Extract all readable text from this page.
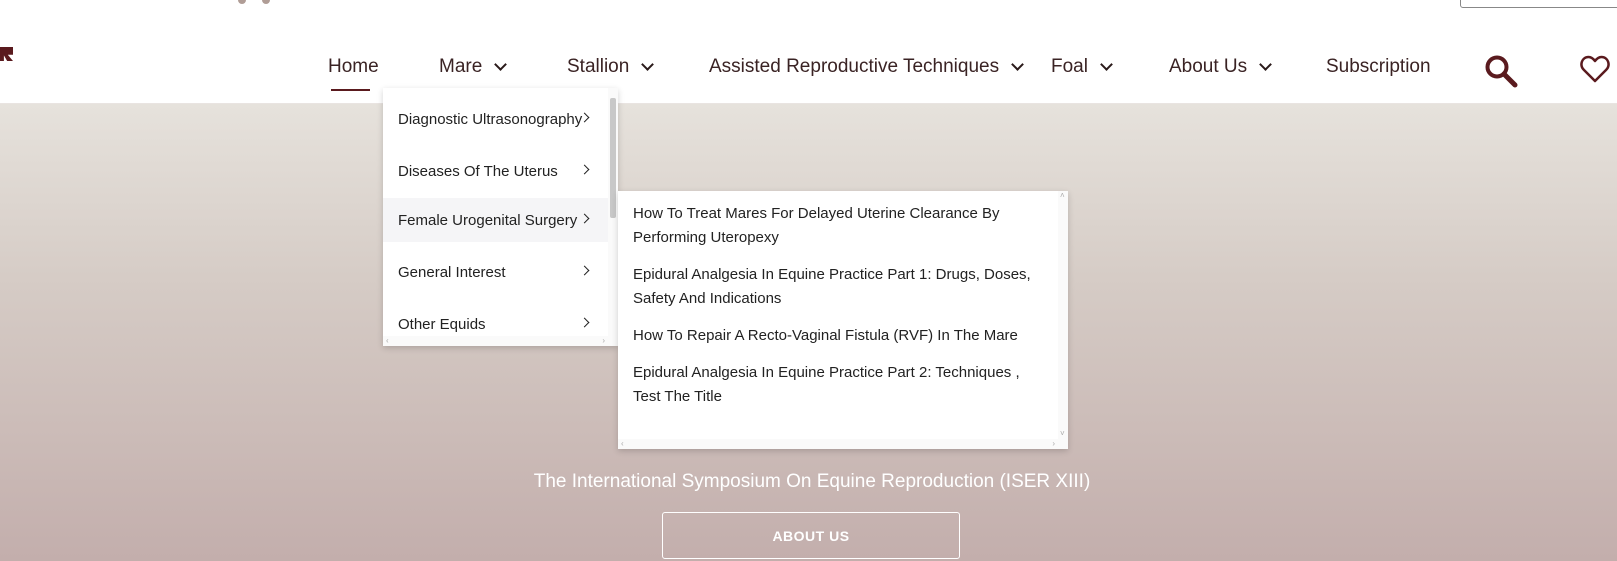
Home	Mare	Stallion	Assisted Reproductive Techniques	Foal	About Us	Subscription
Diagnostic Ultrasonography
Diseases Of The Uterus
Female Urogenital Surgery
General Interest
Other Equids
‹	›
How To Treat Mares For Delayed Uterine Clearance By Performing Uteropexy
Epidural Analgesia In Equine Practice Part 1: Drugs, Doses, Safety And Indications
How To Repair A Recto-Vaginal Fistula (RVF) In The Mare
Epidural Analgesia In Equine Practice Part 2: Techniques , Test The Title
˄
˅
‹	›
The International Symposium On Equine Reproduction (ISER XIII)
ABOUT US
